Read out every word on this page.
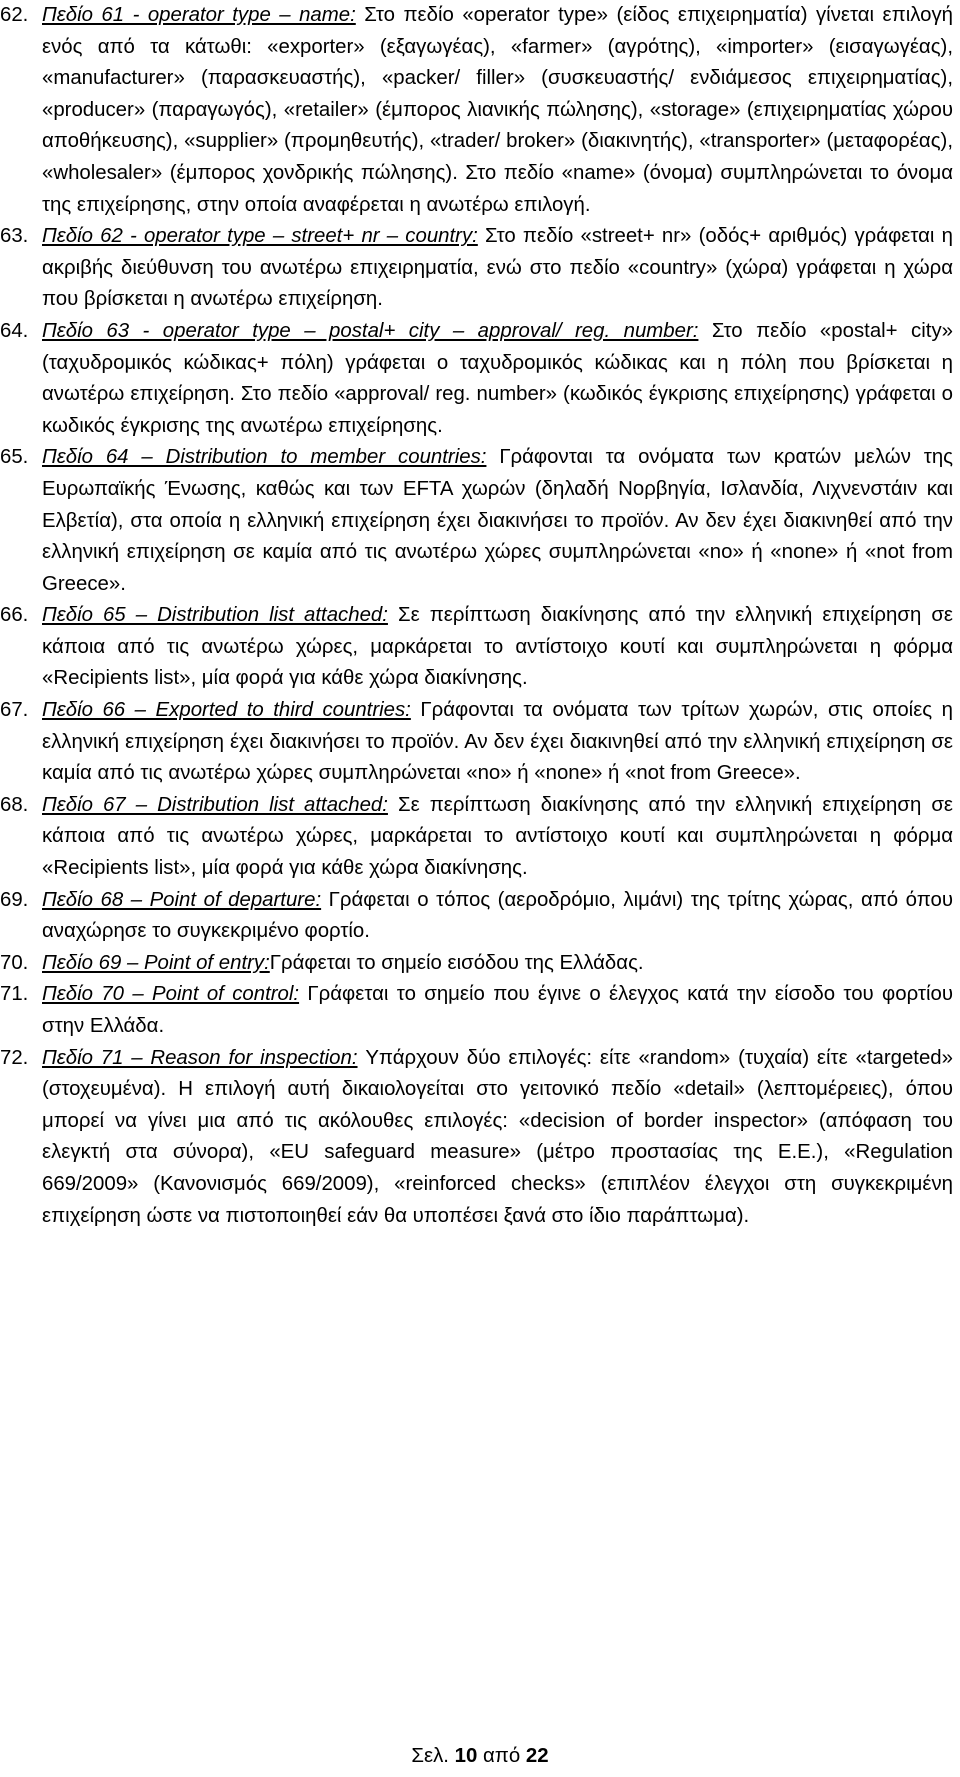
62. Πεδίο 61 - operator type – name: Στο πεδίο «operator type» (είδος επιχειρηματία) γίνεται επιλογή ενός από τα κάτωθι: «exporter» (εξαγωγέας), «farmer» (αγρότης), «importer» (εισαγωγέας), «manufacturer» (παρασκευαστής), «packer/ filler» (συσκευαστής/ ενδιάμεσος επιχειρηματίας), «producer» (παραγωγός), «retailer» (έμπορος λιανικής πώλησης), «storage» (επιχειρηματίας χώρου αποθήκευσης), «supplier» (προμηθευτής), «trader/ broker» (διακινητής), «transporter» (μεταφορέας), «wholesaler» (έμπορος χονδρικής πώλησης). Στο πεδίο «name» (όνομα) συμπληρώνεται το όνομα της επιχείρησης, στην οποία αναφέρεται η ανωτέρω επιλογή.
63. Πεδίο 62 - operator type – street+ nr – country: Στο πεδίο «street+ nr» (οδός+ αριθμός) γράφεται η ακριβής διεύθυνση του ανωτέρω επιχειρηματία, ενώ στο πεδίο «country» (χώρα) γράφεται η χώρα που βρίσκεται η ανωτέρω επιχείρηση.
64. Πεδίο 63 - operator type – postal+ city – approval/ reg. number: Στο πεδίο «postal+ city» (ταχυδρομικός κώδικας+ πόλη) γράφεται ο ταχυδρομικός κώδικας και η πόλη που βρίσκεται η ανωτέρω επιχείρηση. Στο πεδίο «approval/ reg. number» (κωδικός έγκρισης επιχείρησης) γράφεται ο κωδικός έγκρισης της ανωτέρω επιχείρησης.
65. Πεδίο 64 – Distribution to member countries: Γράφονται τα ονόματα των κρατών μελών της Ευρωπαϊκής Ένωσης, καθώς και των EFTA χωρών (δηλαδή Νορβηγία, Ισλανδία, Λιχνενστάιν και Ελβετία), στα οποία η ελληνική επιχείρηση έχει διακινήσει το προϊόν. Αν δεν έχει διακινηθεί από την ελληνική επιχείρηση σε καμία από τις ανωτέρω χώρες συμπληρώνεται «no» ή «none» ή «not from Greece».
66. Πεδίο 65 – Distribution list attached: Σε περίπτωση διακίνησης από την ελληνική επιχείρηση σε κάποια από τις ανωτέρω χώρες, μαρκάρεται το αντίστοιχο κουτί και συμπληρώνεται η φόρμα «Recipients list», μία φορά για κάθε χώρα διακίνησης.
67. Πεδίο 66 – Exported to third countries: Γράφονται τα ονόματα των τρίτων χωρών, στις οποίες η ελληνική επιχείρηση έχει διακινήσει το προϊόν. Αν δεν έχει διακινηθεί από την ελληνική επιχείρηση σε καμία από τις ανωτέρω χώρες συμπληρώνεται «no» ή «none» ή «not from Greece».
68. Πεδίο 67 – Distribution list attached: Σε περίπτωση διακίνησης από την ελληνική επιχείρηση σε κάποια από τις ανωτέρω χώρες, μαρκάρεται το αντίστοιχο κουτί και συμπληρώνεται η φόρμα «Recipients list», μία φορά για κάθε χώρα διακίνησης.
69. Πεδίο 68 – Point of departure: Γράφεται ο τόπος (αεροδρόμιο, λιμάνι) της τρίτης χώρας, από όπου αναχώρησε το συγκεκριμένο φορτίο.
70. Πεδίο 69 – Point of entry:Γράφεται το σημείο εισόδου της Ελλάδας.
71. Πεδίο 70 – Point of control: Γράφεται το σημείο που έγινε ο έλεγχος κατά την είσοδο του φορτίου στην Ελλάδα.
72. Πεδίο 71 – Reason for inspection: Υπάρχουν δύο επιλογές: είτε «random» (τυχαία) είτε «targeted» (στοχευμένα). Η επιλογή αυτή δικαιολογείται στο γειτονικό πεδίο «detail» (λεπτομέρειες), όπου μπορεί να γίνει μια από τις ακόλουθες επιλογές: «decision of border inspector» (απόφαση του ελεγκτή στα σύνορα), «EU safeguard measure» (μέτρο προστασίας της Ε.Ε.), «Regulation 669/2009» (Κανονισμός 669/2009), «reinforced checks» (επιπλέον έλεγχοι στη συγκεκριμένη επιχείρηση ώστε να πιστοποιηθεί εάν θα υποπέσει ξανά στο ίδιο παράπτωμα).
Σελ. 10 από 22
